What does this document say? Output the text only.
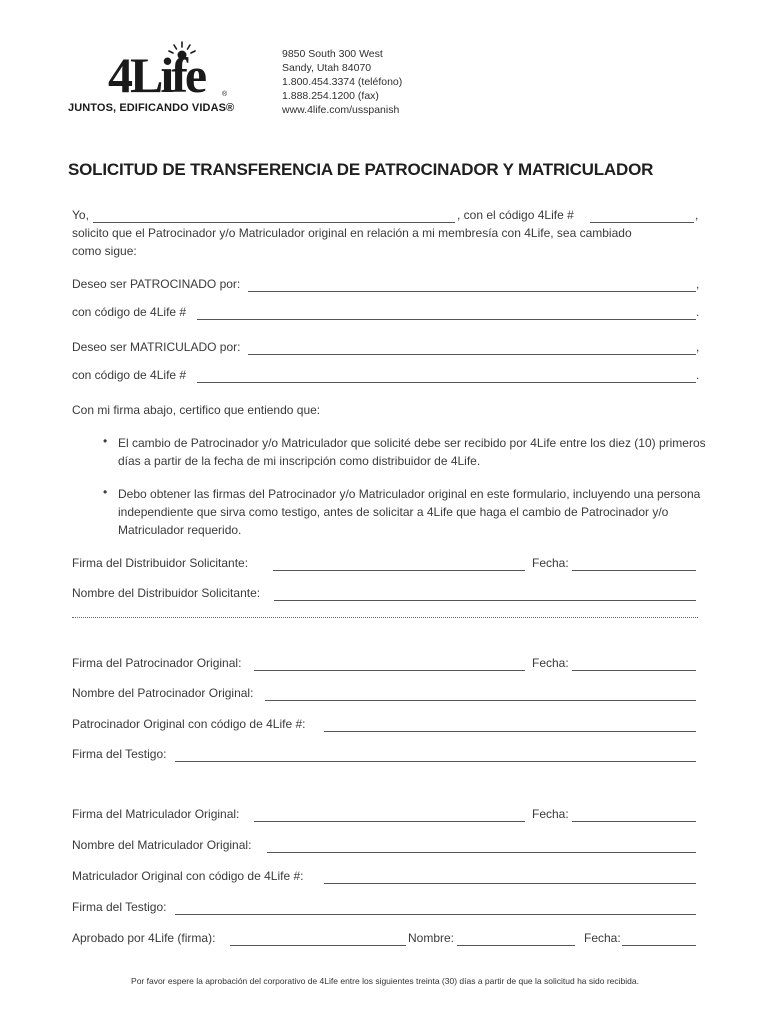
4Life	®
JUNTOS, EDIFICANDO VIDAS®
9850 South 300 West
Sandy, Utah 84070
1.800.454.3374 (teléfono)
1.888.254.1200 (fax)
www.4life.com/usspanish
SOLICITUD DE TRANSFERENCIA DE PATROCINADOR Y MATRICULADOR
Yo,	, con el código 4Life #	,
solicito que el Patrocinador y/o Matriculador original en relación a mi membresía con 4Life, sea cambiado
como sigue:
Deseo ser PATROCINADO por:	,
con código de 4Life #	.
Deseo ser MATRICULADO por:	,
con código de 4Life #	.
Con mi firma abajo, certifico que entiendo que:
• El cambio de Patrocinador y/o Matriculador que solicité debe ser recibido por 4Life entre los diez (10) primeros días a partir de la fecha de mi inscripción como distribuidor de 4Life.
• Debo obtener las firmas del Patrocinador y/o Matriculador original en este formulario, incluyendo una persona independiente que sirva como testigo, antes de solicitar a 4Life que haga el cambio de Patrocinador y/o Matriculador requerido.
Firma del Distribuidor Solicitante:	Fecha:
Nombre del Distribuidor Solicitante:
Firma del Patrocinador Original:	Fecha:
Nombre del Patrocinador Original:
Patrocinador Original con código de 4Life #:
Firma del Testigo:
Firma del Matriculador Original:	Fecha:
Nombre del Matriculador Original:
Matriculador Original con código de 4Life #:
Firma del Testigo:
Aprobado por 4Life (firma):	Nombre:	Fecha:
Por favor espere la aprobación del corporativo de 4Life entre los siguientes treinta (30) días a partir de que la solicitud ha sido recibida.
